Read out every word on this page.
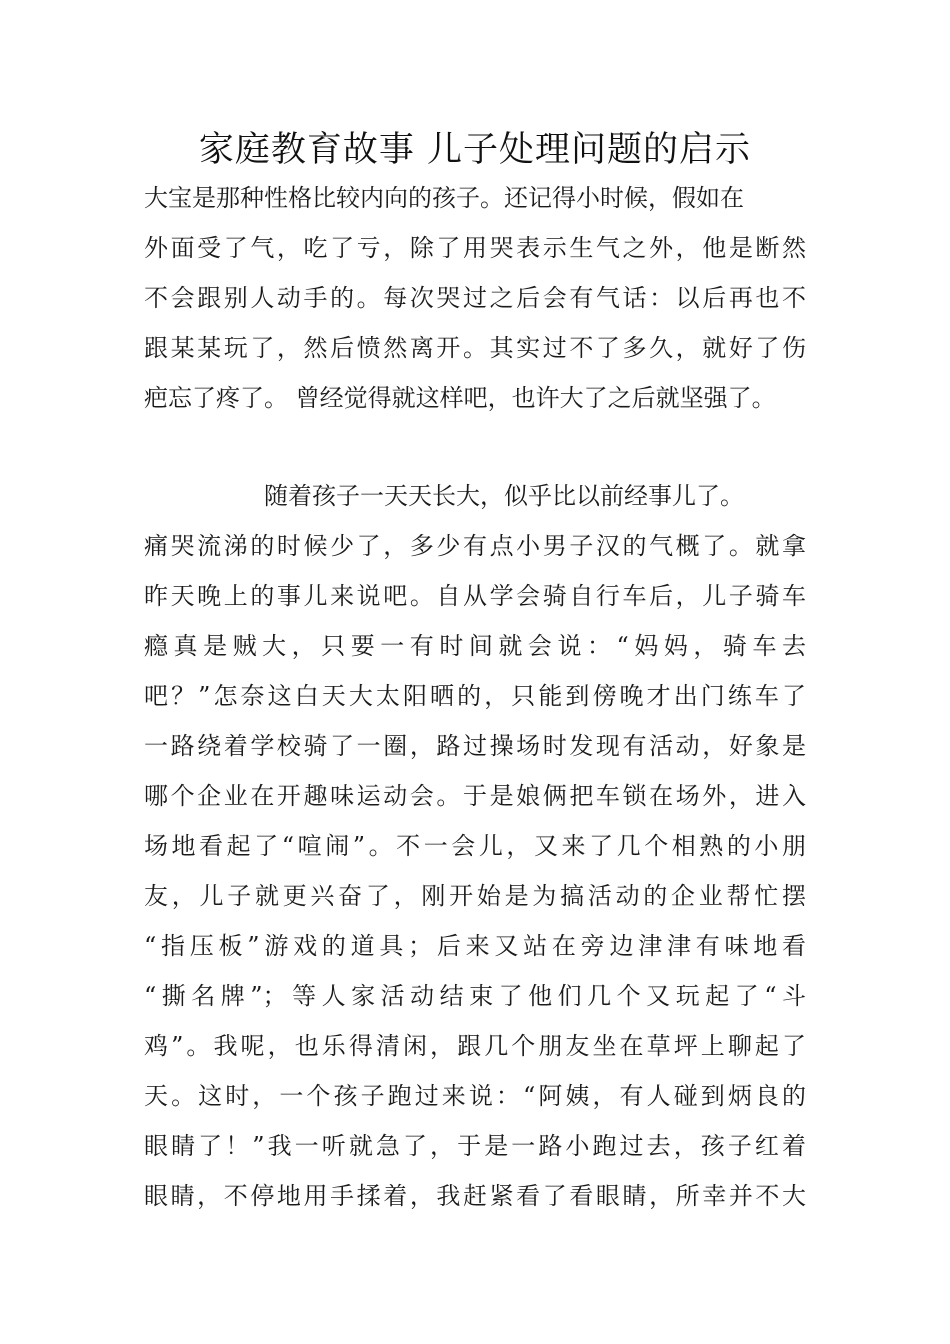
家庭教育故事 儿子处理问题的启示
大宝是那种性格比较内向的孩子。还记得小时候，假如在
外面受了气，吃了亏，除了用哭表示生气之外，他是断然
不会跟别人动手的。每次哭过之后会有气话：以后再也不
跟某某玩了，然后愤然离开。其实过不了多久，就好了伤
疤忘了疼了。 曾经觉得就这样吧，也许大了之后就坚强了。
随着孩子一天天长大，似乎比以前经事儿了。
痛哭流涕的时候少了，多少有点小男子汉的气概了。就拿
昨天晚上的事儿来说吧。自从学会骑自行车后，儿子骑车
瘾真是贼大，只要一有时间就会说：“妈妈，骑车去
吧？”怎奈这白天大太阳晒的，只能到傍晚才出门练车了
一路绕着学校骑了一圈，路过操场时发现有活动，好象是
哪个企业在开趣味运动会。于是娘俩把车锁在场外，进入
场地看起了“喧闹”。不一会儿，又来了几个相熟的小朋
友，儿子就更兴奋了，刚开始是为搞活动的企业帮忙摆
“指压板”游戏的道具；后来又站在旁边津津有味地看
“撕名牌”；等人家活动结束了他们几个又玩起了“斗
鸡”。我呢，也乐得清闲，跟几个朋友坐在草坪上聊起了
天。这时，一个孩子跑过来说：“阿姨，有人碰到炳良的
眼睛了！”我一听就急了，于是一路小跑过去，孩子红着
眼睛，不停地用手揉着，我赶紧看了看眼睛，所幸并不大
